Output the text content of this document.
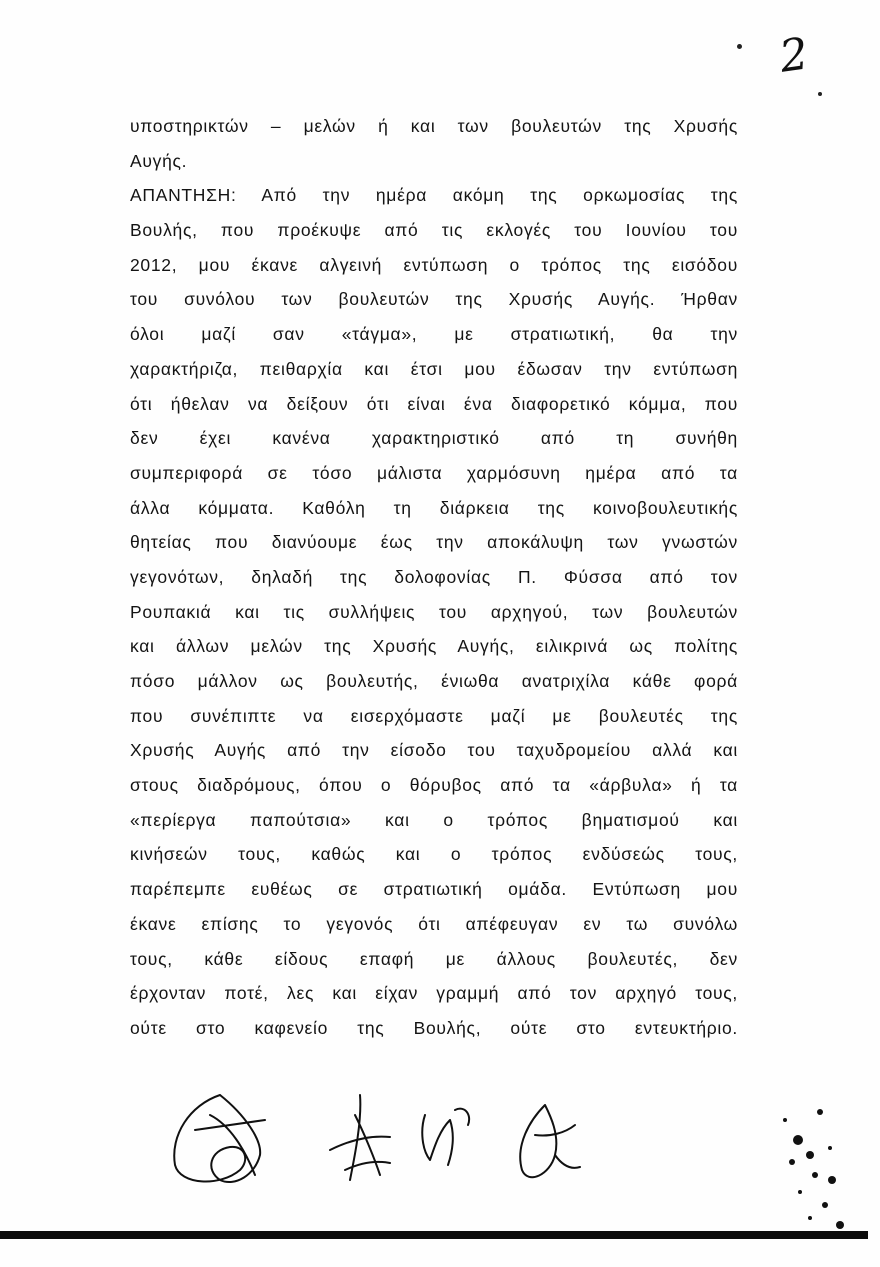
2
υποστηρικτών – μελών ή και των βουλευτών της Χρυσής
Αυγής.
ΑΠΑΝΤΗΣΗ: Από την ημέρα ακόμη της ορκωμοσίας της
Βουλής, που προέκυψε από τις εκλογές του Ιουνίου του
2012, μου έκανε αλγεινή εντύπωση ο τρόπος της εισόδου
του συνόλου των βουλευτών της Χρυσής Αυγής. Ήρθαν
όλοι μαζί σαν «τάγμα», με στρατιωτική, θα την
χαρακτήριζα, πειθαρχία και έτσι μου έδωσαν την εντύπωση
ότι ήθελαν να δείξουν ότι είναι ένα διαφορετικό κόμμα, που
δεν έχει κανένα χαρακτηριστικό από τη συνήθη
συμπεριφορά σε τόσο μάλιστα χαρμόσυνη ημέρα από τα
άλλα κόμματα. Καθόλη τη διάρκεια της κοινοβουλευτικής
θητείας που διανύουμε έως την αποκάλυψη των γνωστών
γεγονότων, δηλαδή της δολοφονίας Π. Φύσσα από τον
Ρουπακιά και τις συλλήψεις του αρχηγού, των βουλευτών
και άλλων μελών της Χρυσής Αυγής, ειλικρινά ως πολίτης
πόσο μάλλον ως βουλευτής, ένιωθα ανατριχίλα κάθε φορά
που συνέπιπτε να εισερχόμαστε μαζί με βουλευτές της
Χρυσής Αυγής από την είσοδο του ταχυδρομείου αλλά και
στους διαδρόμους, όπου ο θόρυβος από τα «άρβυλα» ή τα
«περίεργα παπούτσια» και ο τρόπος βηματισμού και
κινήσεών τους, καθώς και ο τρόπος ενδύσεώς τους,
παρέπεμπε ευθέως σε στρατιωτική ομάδα. Εντύπωση μου
έκανε επίσης το γεγονός ότι απέφευγαν εν τω συνόλω
τους, κάθε είδους επαφή με άλλους βουλευτές, δεν
έρχονταν ποτέ, λες και είχαν γραμμή από τον αρχηγό τους,
ούτε στο καφενείο της Βουλής, ούτε στο εντευκτήριο.
